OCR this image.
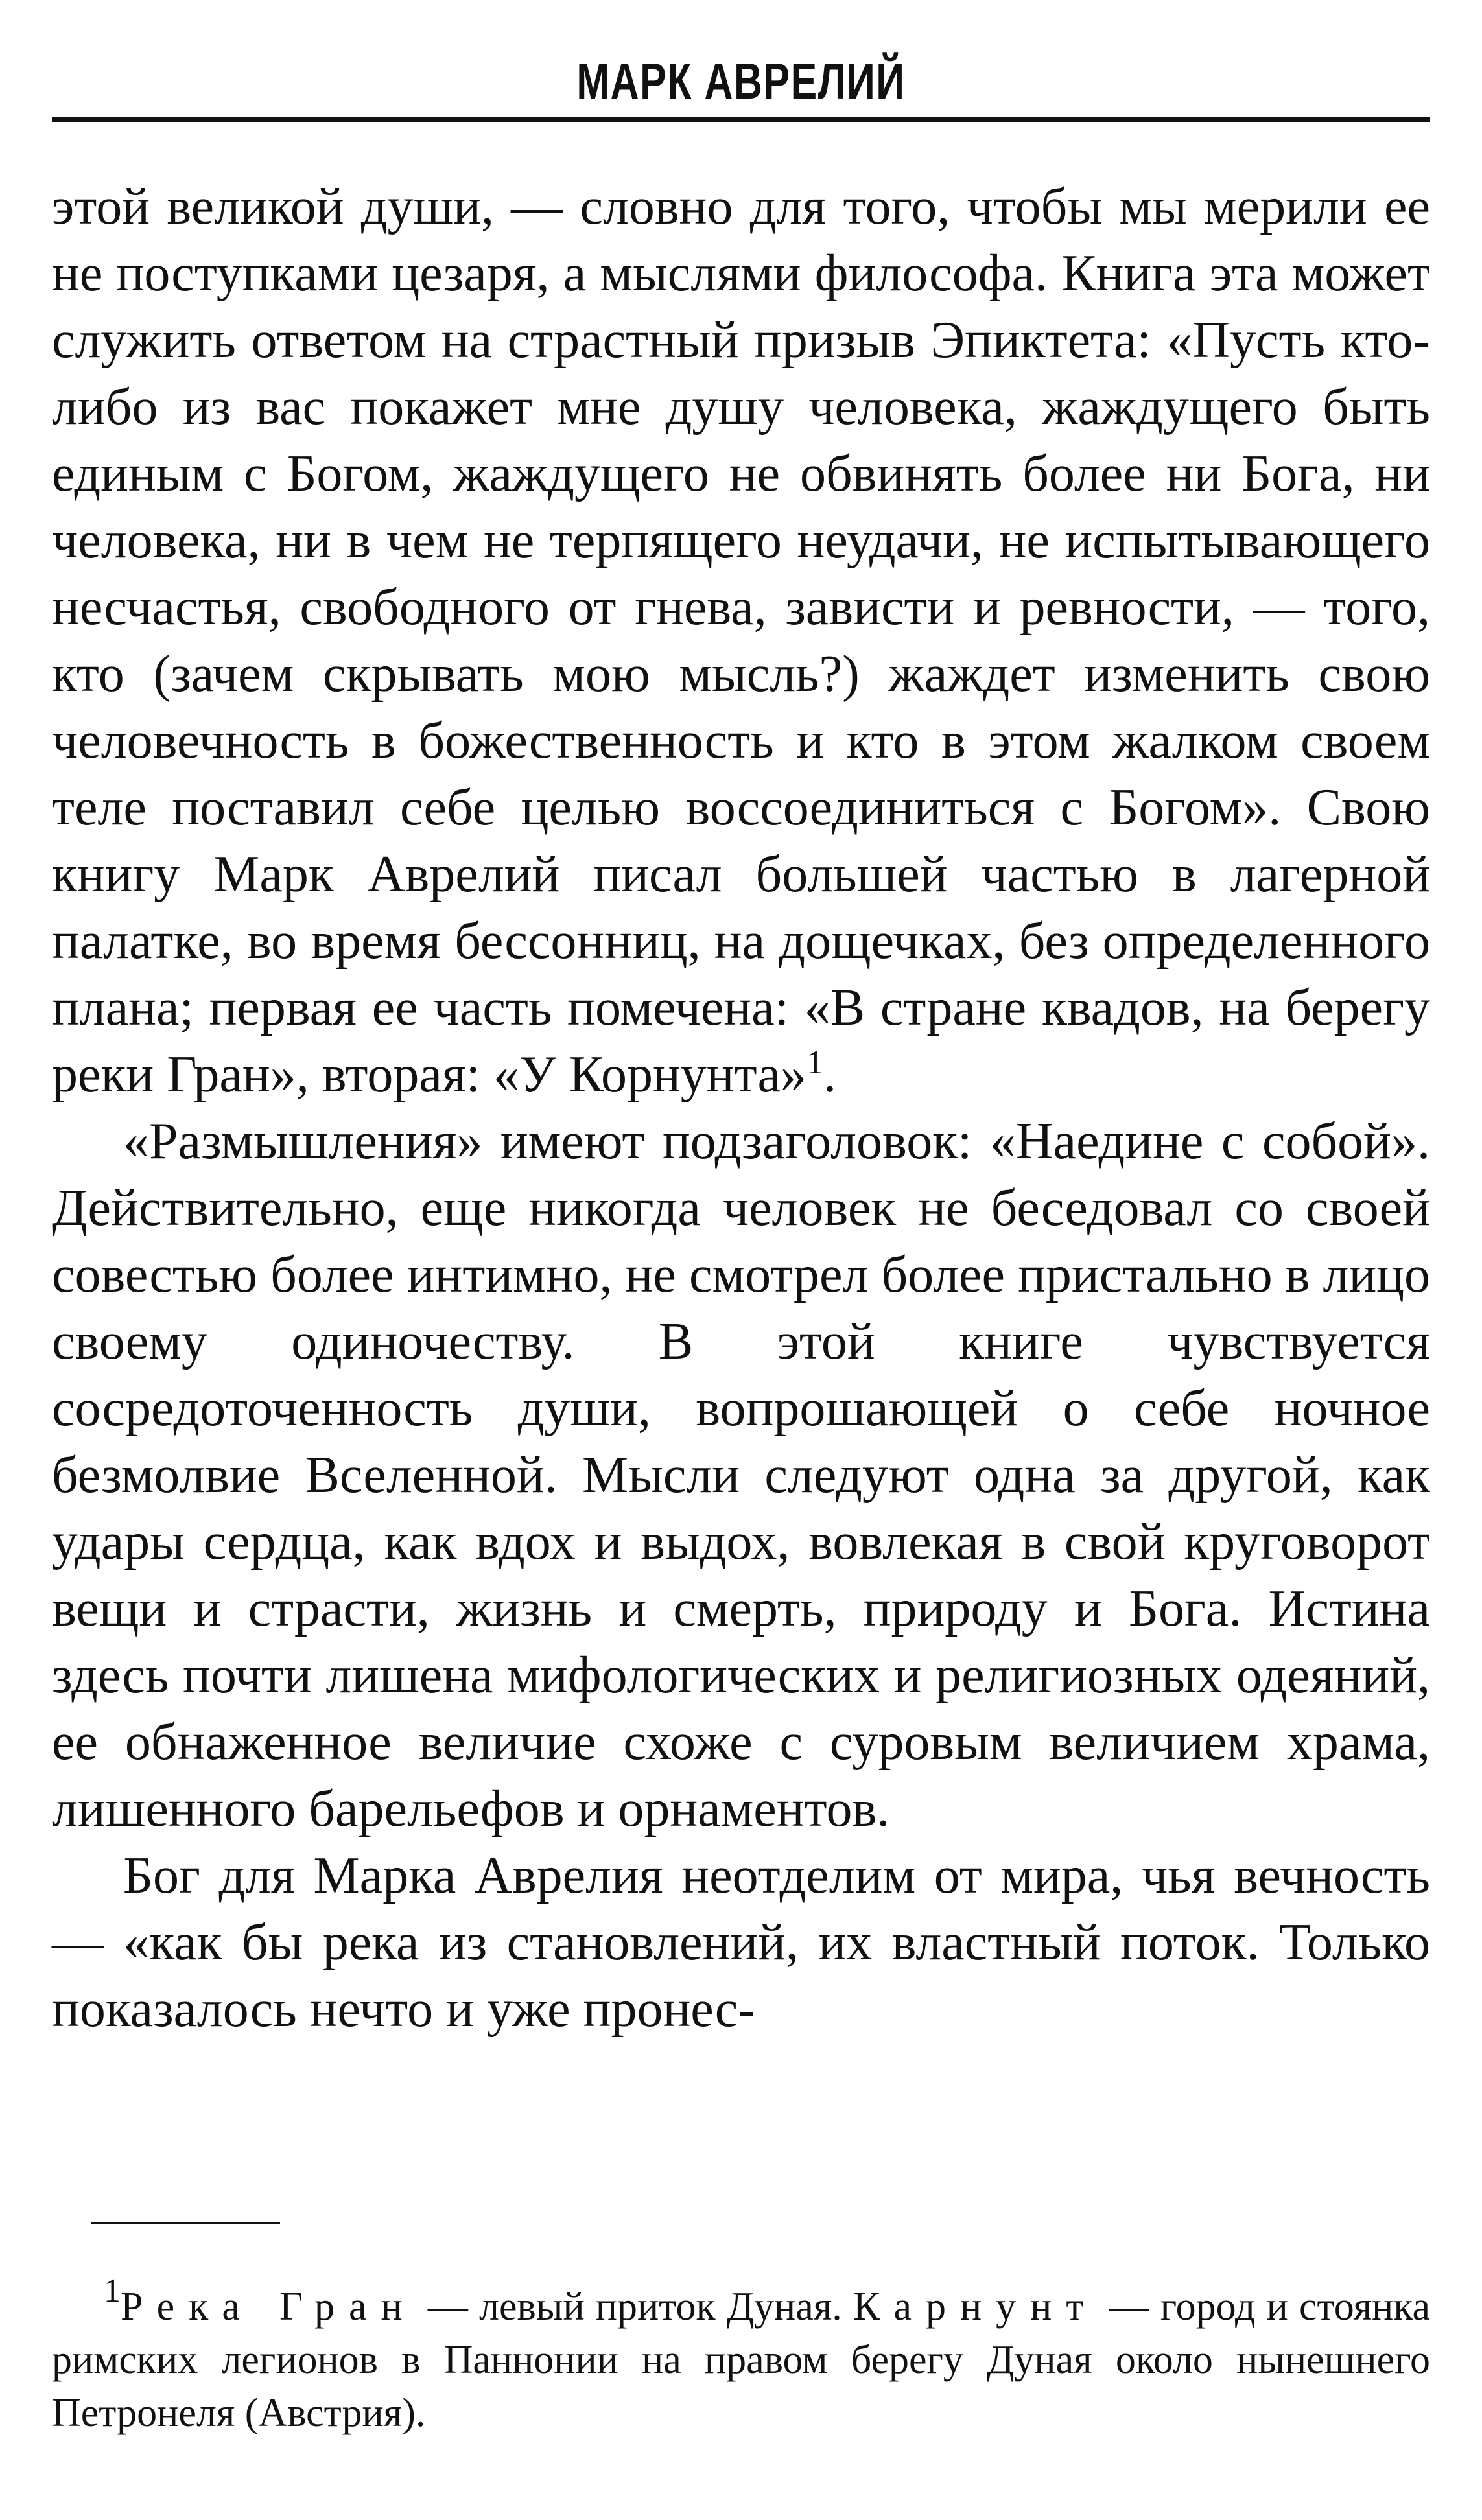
МАРК АВРЕЛИЙ

этой великой души, — словно для того, чтобы мы мерили ее не поступками цезаря, а мыслями философа. Книга эта может служить ответом на страстный призыв Эпиктета: «Пусть кто-либо из вас покажет мне душу человека, жаждущего быть единым с Богом, жаждущего не обвинять более ни Бога, ни человека, ни в чем не терпящего неудачи, не испытывающего несчастья, свободного от гнева, зависти и ревности, — того, кто (зачем скрывать мою мысль?) жаждет изменить свою человечность в божественность и кто в этом жалком своем теле поставил себе целью воссоединиться с Богом». Свою книгу Марк Аврелий писал большей частью в лагерной палатке, во время бессонниц, на дощечках, без определенного плана; первая ее часть помечена: «В стране квадов, на берегу реки Гран», вторая: «У Корнунта»$^1$.

«Размышления» имеют подзаголовок: «Наедине с собой». Действительно, еще никогда человек не беседовал со своей совестью более интимно, не смотрел более пристально в лицо своему одиночеству. В этой книге чувствуется сосредоточенность души, вопрошающей о себе ночное безмолвие Вселенной. Мысли следуют одна за другой, как удары сердца, как вдох и выдох, вовлекая в свой круговорот вещи и страсти, жизнь и смерть, природу и Бога. Истина здесь почти лишена мифологических и религиозных одеяний, ее обнаженное величие схоже с суровым величием храма, лишенного барельефов и орнаментов.

Бог для Марка Аврелия неотделим от мира, чья вечность — «как бы река из становлений, их властный поток. Только показалось нечто и уже пронес-

$^1$Река Гран — левый приток Дуная. Карнунт — город и стоянка римских легионов в Паннонии на правом берегу Дуная около нынешнего Петронеля (Австрия).
